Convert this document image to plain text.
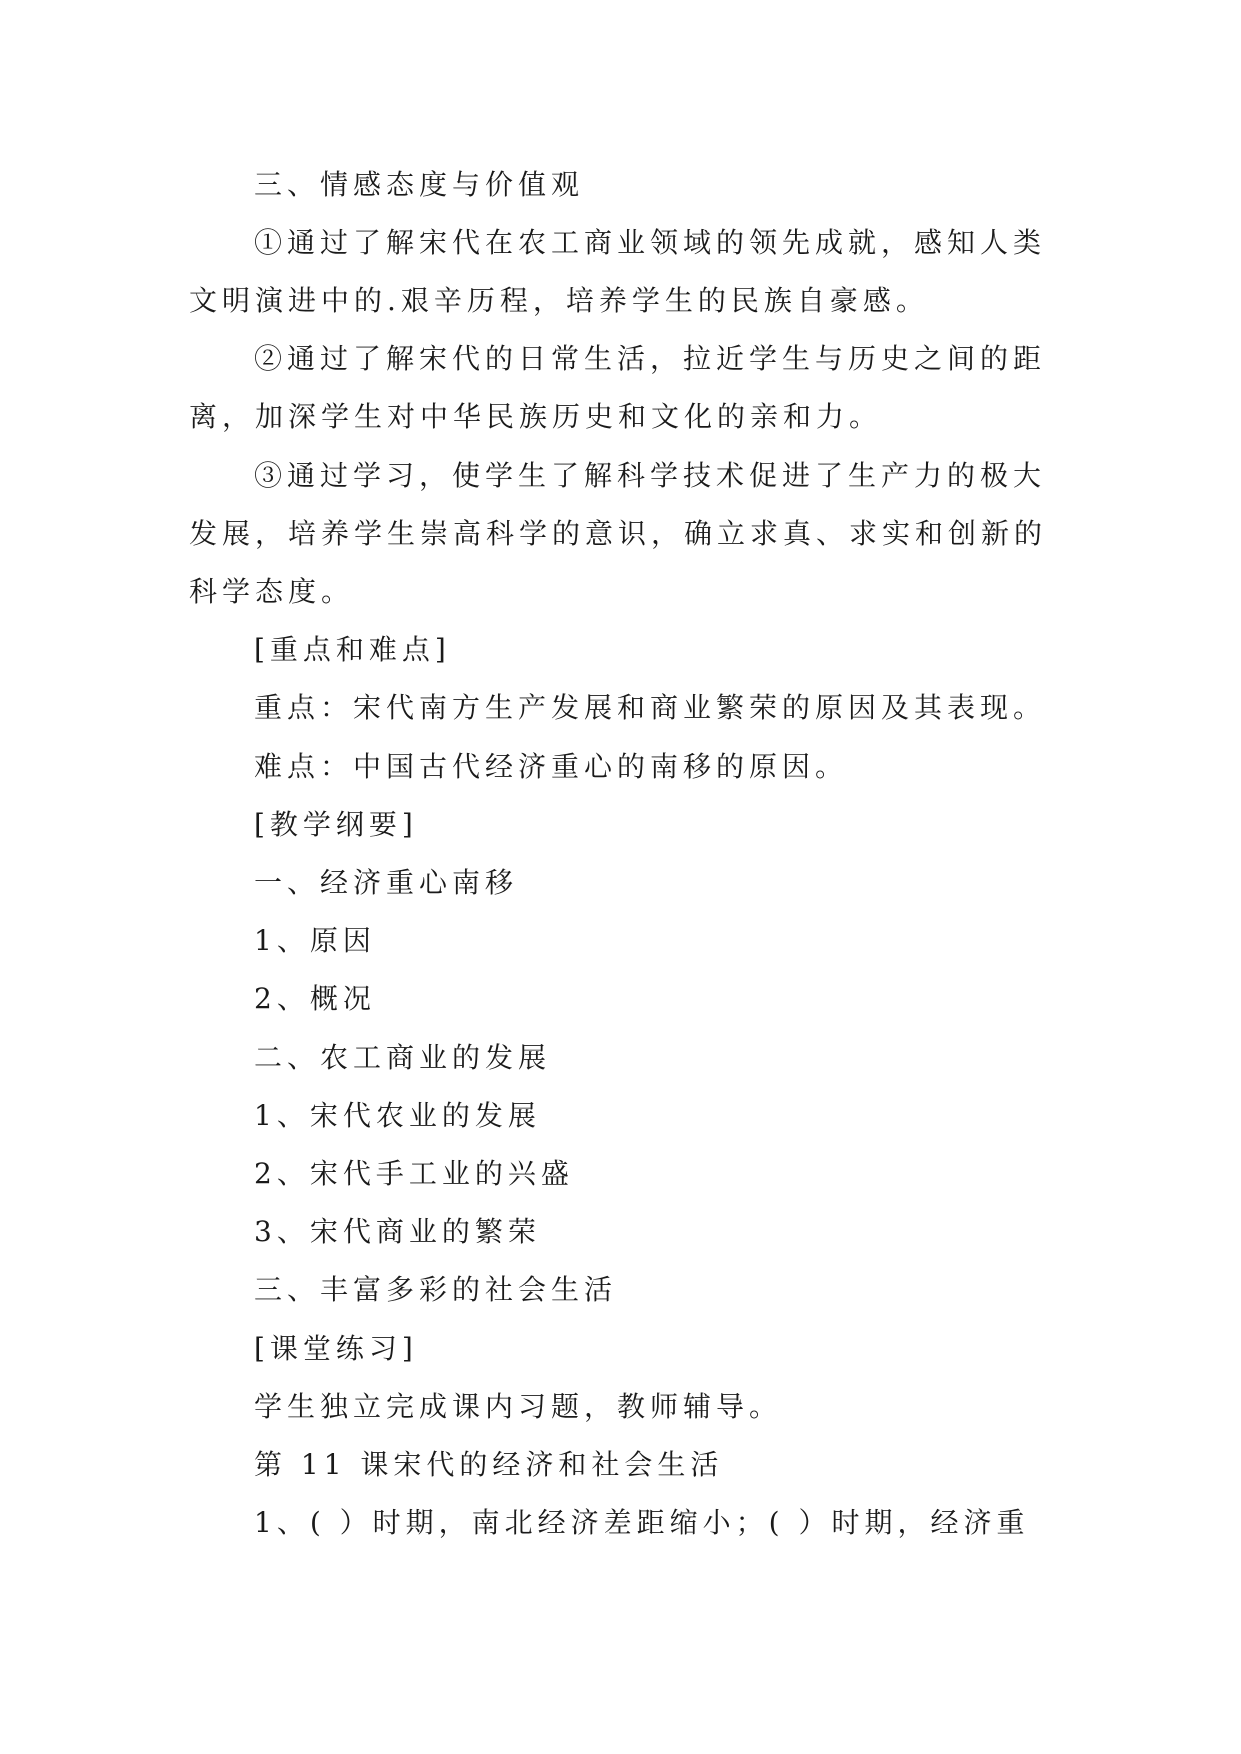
三、情感态度与价值观
①通过了解宋代在农工商业领域的领先成就，感知人类
文明演进中的.艰辛历程，培养学生的民族自豪感。
②通过了解宋代的日常生活，拉近学生与历史之间的距
离，加深学生对中华民族历史和文化的亲和力。
③通过学习，使学生了解科学技术促进了生产力的极大
发展，培养学生崇高科学的意识，确立求真、求实和创新的
科学态度。
[重点和难点]
重点：宋代南方生产发展和商业繁荣的原因及其表现。
难点：中国古代经济重心的南移的原因。
[教学纲要]
一、经济重心南移
1、原因
2、概况
二、农工商业的发展
1、宋代农业的发展
2、宋代手工业的兴盛
3、宋代商业的繁荣
三、丰富多彩的社会生活
[课堂练习]
学生独立完成课内习题，教师辅导。
第 11 课宋代的经济和社会生活
1、( ）时期，南北经济差距缩小；( ）时期，经济重
